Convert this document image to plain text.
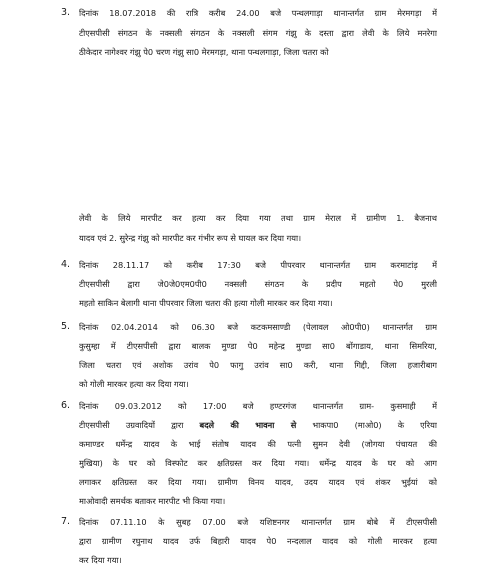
3. दिनांक 18.07.2018 की रात्रि करीब 24.00 बजे पन्थलगाड़ा थानान्तर्गत ग्राम मेरमगड़ा में
टीएसपीसी संगठन के नक्सली संगठन के नक्सली संगम गंझु के दस्ता द्वारा लेवी के लिये मनरेगा
ठीकेदार नागेश्वर गंझु पे0 चरण गंझु सा0 मेरमगड़ा, थाना पन्थलगाड़ा, जिला चतरा को
लेवी के लिये मारपीट कर हत्या कर दिया गया तथा ग्राम मेराल में ग्रामीण 1. बैजनाथ
यादव एवं 2. सुरेन्द्र गंझु को मारपीट कर गंभीर रूप से घायल कर दिया गया।
4. दिनांक 28.11.17 को करीब 17:30 बजे पीपरवार थानान्तर्गत ग्राम करमाटांड़ में
टीएसपीसी द्वारा जे0जे0एम0पी0 नक्सली संगठन के प्रदीप महतो पे0 मुरली
महतो साकिन बेलागी थाना पीपरवार जिला चतरा की हत्या गोली मारकर कर दिया गया।
5. दिनांक 02.04.2014 को 06.30 बजे कटकमसाण्डी (पेलावल ओ0पी0) थानान्तर्गत ग्राम
कुसुम्हा में टीएसपीसी द्वारा बालक मुण्डा पे0 महेन्द्र मुण्डा सा0 बोंगाडाय, थाना सिमरिया,
जिला चतरा एवं अशोक उरांव पे0 फागु उरांव सा0 करी, थाना गिद्दी, जिला हजारीबाग
को गोली मारकर हत्या कर दिया गया।
6. दिनांक 09.03.2012 को 17:00 बजे हण्टरगंज थानान्तर्गत ग्राम- कुसमाही में
टीएसपीसी उग्रवादियों द्वारा बदले की भावना से भाकपा0 (माओ0) के एरिया
कमाण्डर धर्मेन्द्र यादव के भाई संतोष यादव की पत्नी सुमन देवी (जोगया पंचायत की
मुखिया) के घर को विस्फोट कर क्षतिग्रस्त कर दिया गया। धर्मेन्द्र यादव के घर को आग
लगाकर क्षतिग्रस्त कर दिया गया। ग्रामीण विनय यादव, उदय यादव एवं शंकर भुईयां को
माओवादी समर्थक बताकर मारपीट भी किया गया।
7. दिनांक 07.11.10 के सुबह 07.00 बजे यशिष्टनगर थानान्तर्गत ग्राम बोबे में टीएसपीसी
द्वारा ग्रामीण रघुनाथ यादव उर्फ बिहारी यादव पे0 नन्दलाल यादव को गोली मारकर हत्या
कर दिया गया।
